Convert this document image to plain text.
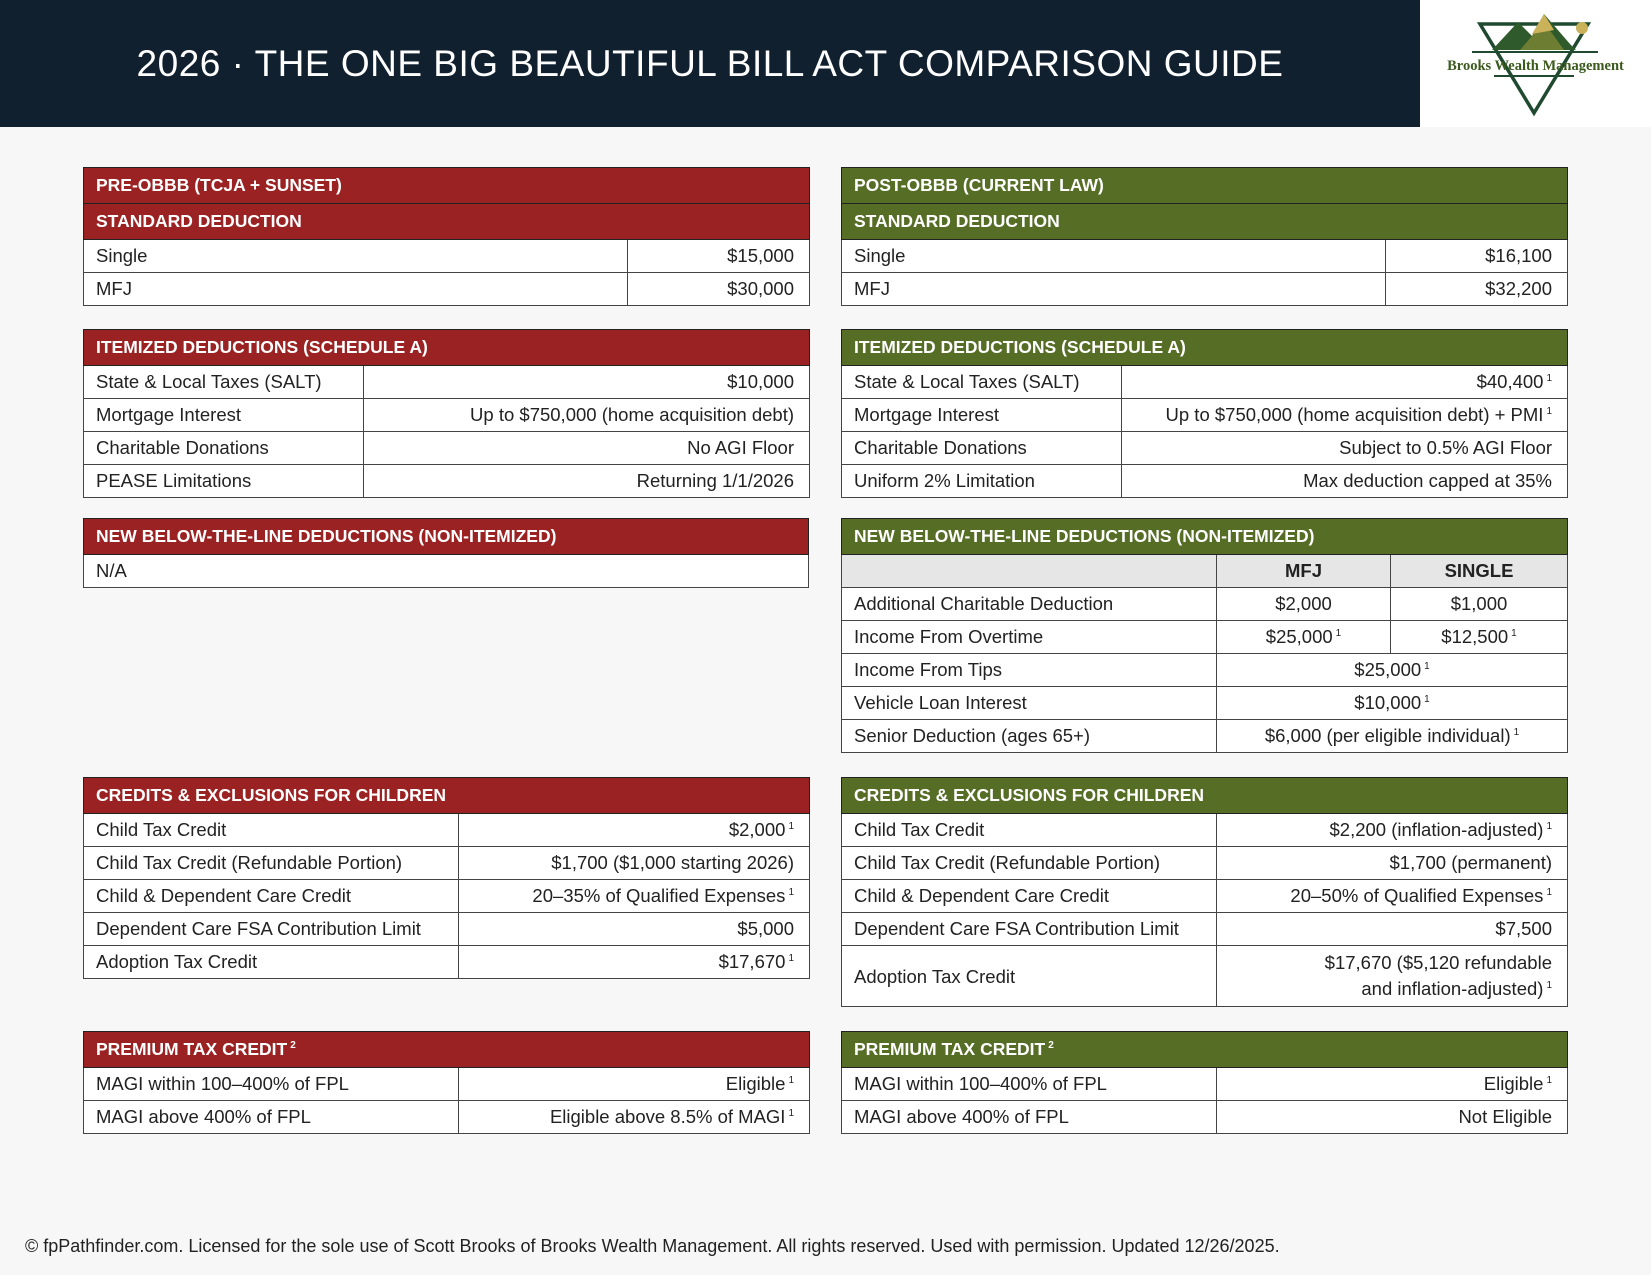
2026 · THE ONE BIG BEAUTIFUL BILL ACT COMPARISON GUIDE	Brooks Wealth Management
PRE-OBBB (TCJA + SUNSET)	
STANDARD DEDUCTION	
Single	$15,000
MFJ	$30,000
ITEMIZED DEDUCTIONS (SCHEDULE A)	
State & Local Taxes (SALT)	$10,000
Mortgage Interest	Up to $750,000 (home acquisition debt)
Charitable Donations	No AGI Floor
PEASE Limitations	Returning 1/1/2026
NEW BELOW-THE-LINE DEDUCTIONS (NON-ITEMIZED)
N/A
CREDITS & EXCLUSIONS FOR CHILDREN	
Child Tax Credit	$2,000 $^1$
Child Tax Credit (Refundable Portion)	$1,700 ($1,000 starting 2026)
Child & Dependent Care Credit	20–35% of Qualified Expenses $^1$
Dependent Care FSA Contribution Limit	$5,000
Adoption Tax Credit	$17,670 $^1$
PREMIUM TAX CREDIT $^2$
MAGI within 100–400% of FPL	Eligible $^1$
MAGI above 400% of FPL	Eligible above 8.5% of MAGI $^1$
POST-OBBB (CURRENT LAW)	
STANDARD DEDUCTION	
Single	$16,100
MFJ	$32,200
ITEMIZED DEDUCTIONS (SCHEDULE A)	
State & Local Taxes (SALT)	$40,400 $^1$
Mortgage Interest	Up to $750,000 (home acquisition debt) + PMI $^1$
Charitable Donations	Subject to 0.5% AGI Floor
Uniform 2% Limitation	Max deduction capped at 35%
NEW BELOW-THE-LINE DEDUCTIONS (NON-ITEMIZED)		
	MFJ	SINGLE
Additional Charitable Deduction	$2,000	$1,000
Income From Overtime	$25,000 $^1$	$12,500 $^1$
Income From Tips	$25,000 $^1$
Vehicle Loan Interest	$10,000 $^1$
Senior Deduction (ages 65+)	$6,000 (per eligible individual) $^1$
CREDITS & EXCLUSIONS FOR CHILDREN	
Child Tax Credit	$2,200 (inflation-adjusted) $^1$
Child Tax Credit (Refundable Portion)	$1,700 (permanent)
Child & Dependent Care Credit	20–50% of Qualified Expenses $^1$
Dependent Care FSA Contribution Limit	$7,500
Adoption Tax Credit	$17,670 ($5,120 refundable
and inflation-adjusted) $^1$
PREMIUM TAX CREDIT $^2$
MAGI within 100–400% of FPL	Eligible $^1$
MAGI above 400% of FPL	Not Eligible
© fpPathfinder.com. Licensed for the sole use of Scott Brooks of Brooks Wealth Management. All rights reserved. Used with permission. Updated 12/26/2025.
